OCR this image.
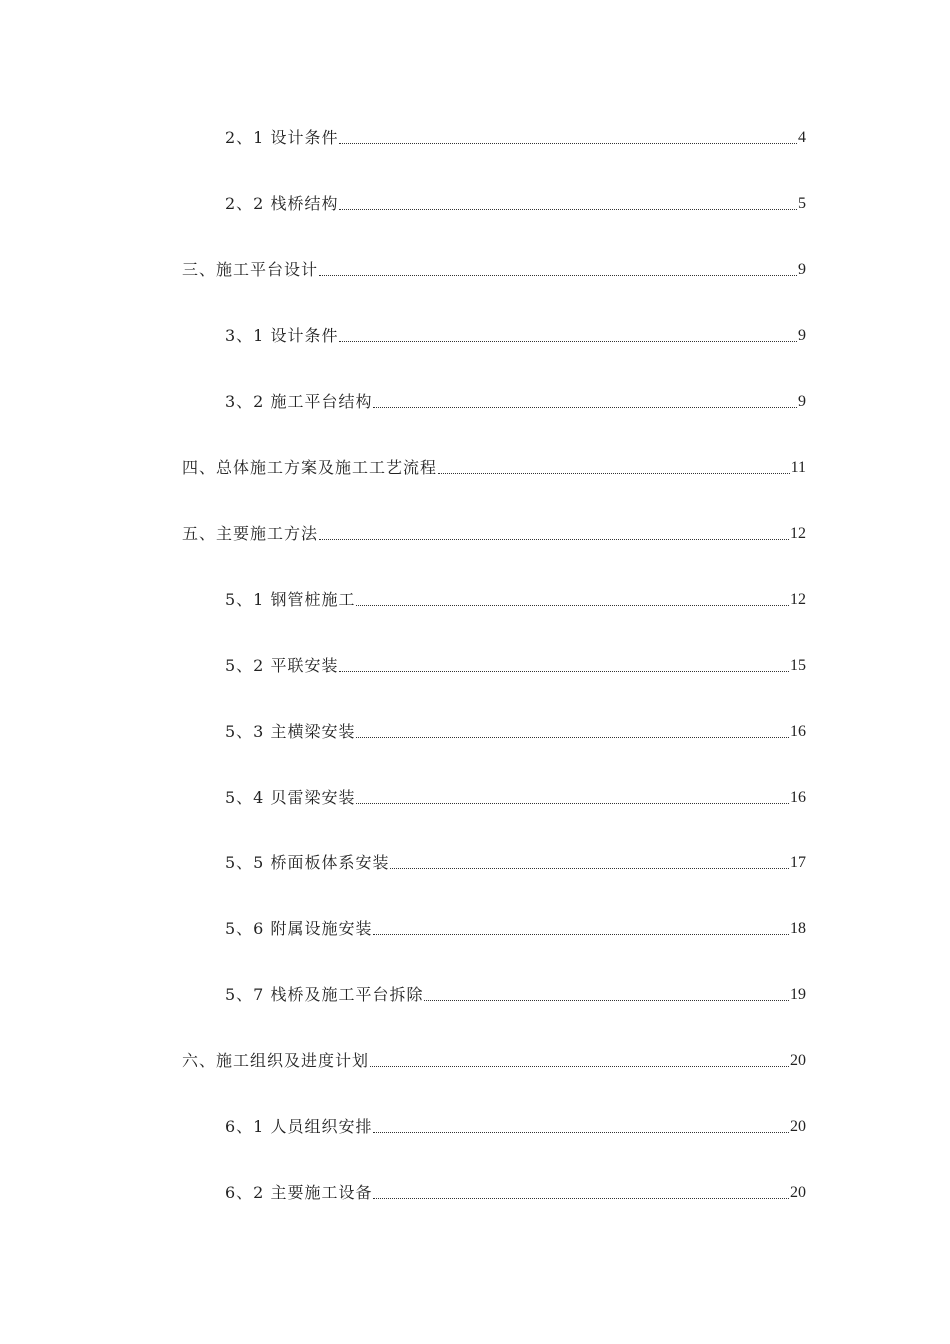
2、1 设计条件	4
2、2 栈桥结构	5
三、施工平台设计	9
3、1 设计条件	9
3、2 施工平台结构	9
四、总体施工方案及施工工艺流程	11
五、主要施工方法	12
5、1 钢管桩施工	12
5、2 平联安装	15
5、3 主横梁安装	16
5、4 贝雷梁安装	16
5、5 桥面板体系安装	17
5、6 附属设施安装	18
5、7 栈桥及施工平台拆除	19
六、施工组织及进度计划	20
6、1 人员组织安排	20
6、2 主要施工设备	20
